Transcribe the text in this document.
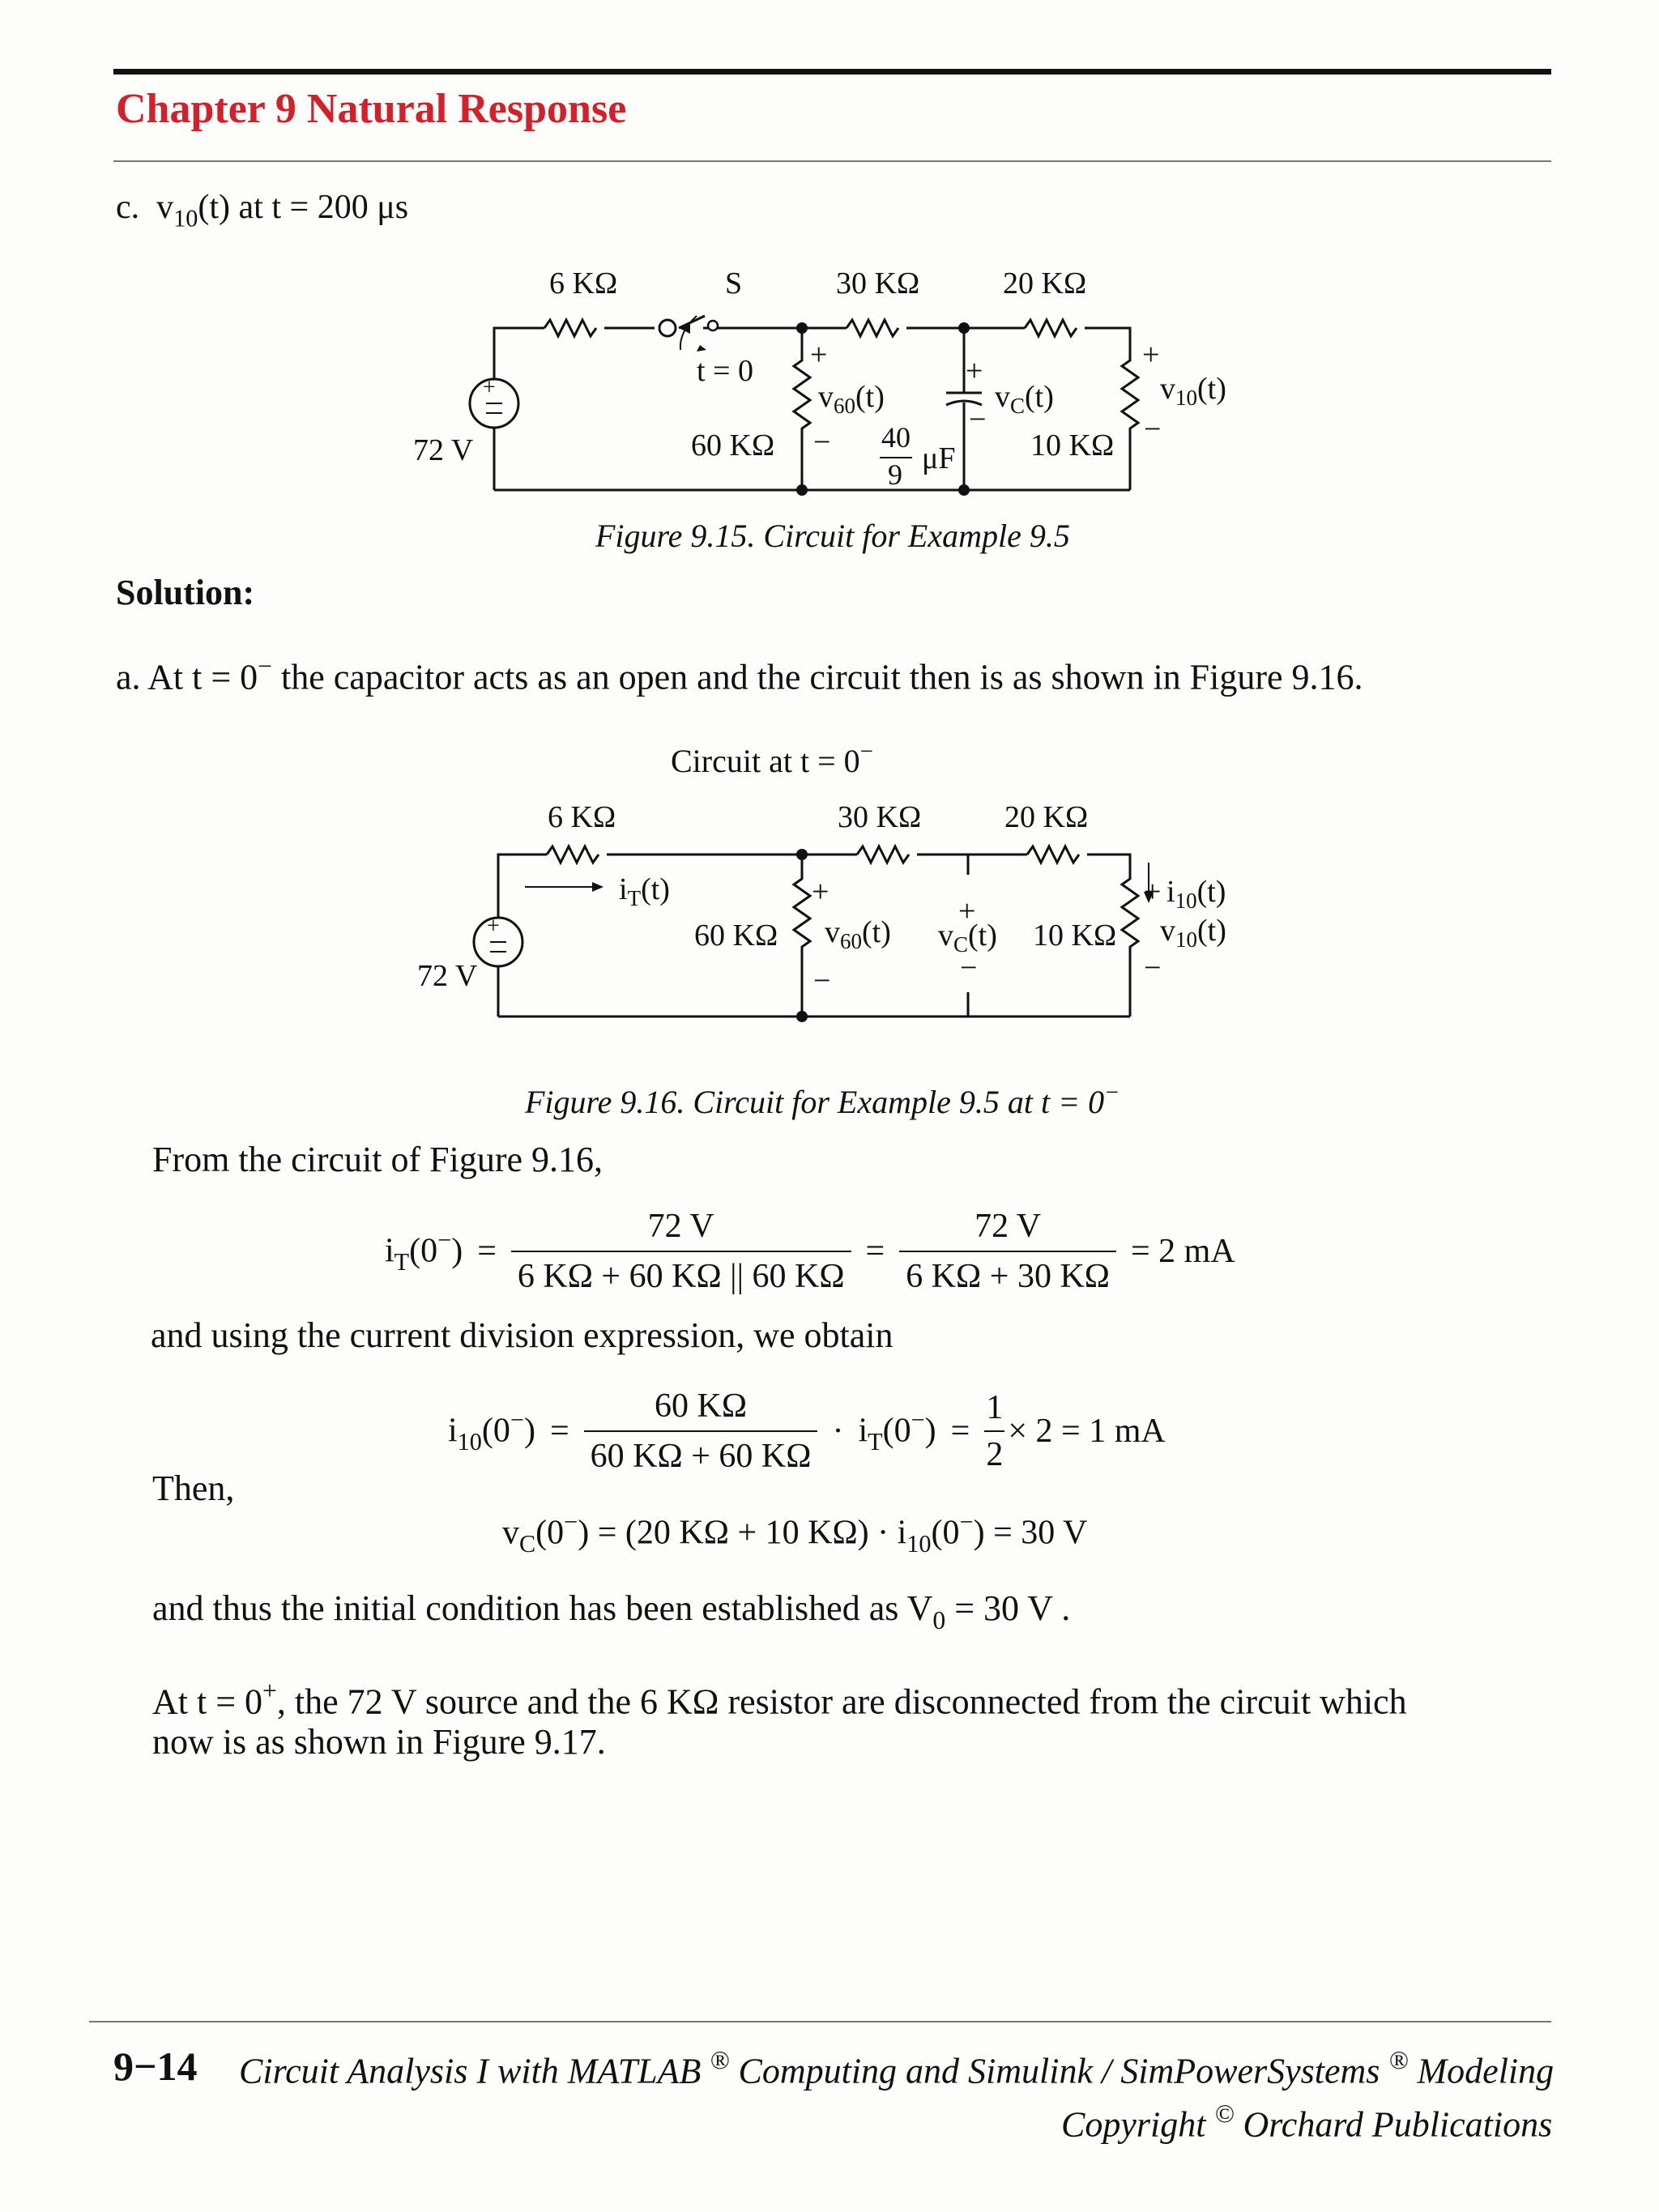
Chapter 9 Natural Response
c. $v_{10}(t)$ at t = 200 μs
+
6 KΩ	S	30 KΩ	20 KΩ
t = 0 +
$v_{60}(t)$
−
+
$v_C(t)$
−
+
$v_{10}(t)$
−
72 V	60 KΩ	40
9 μF 10 KΩ
Figure 9.15. Circuit for Example 9.5
Solution:
a. At t = 0− the capacitor acts as an open and the circuit then is as shown in Figure 9.16.
Circuit at t = 0−
+
6 KΩ	30 KΩ	20 KΩ
$i_T(t)$	+
60 KΩ $v_{60}(t)$
−
+
$v_C(t)$
−
10 KΩ
+ $i_{10}(t)$
$v_{10}(t)$
−
72 V
Figure 9.16. Circuit for Example 9.5 at t = 0−
From the circuit of Figure 9.16,
$i_T(0^-) = \frac{72 V}{6 K\Omega + 60 K\Omega || 60 K\Omega} = \frac{72 V}{6 K\Omega + 30 K\Omega} = 2$ mA
and using the current division expression, we obtain
$i_{10}(0^-) = \frac{60 K\Omega}{60 K\Omega + 60 K\Omega} \cdot i_T(0^-) = \frac{1}{2} \times 2 = 1$ mA
Then,
$v_C(0^-) = (20$ KΩ + 10 $K\Omega) \cdot i_{10}(0^-) = 30$ V
and thus the initial condition has been established as $V_0 = 30$ V .
At t = 0+, the 72 V source and the 6 KΩ resistor are disconnected from the circuit which
now is as shown in Figure 9.17.
9−14 Circuit Analysis I with MATLAB ® Computing and Simulink / SimPowerSystems ® Modeling
Copyright © Orchard Publications
